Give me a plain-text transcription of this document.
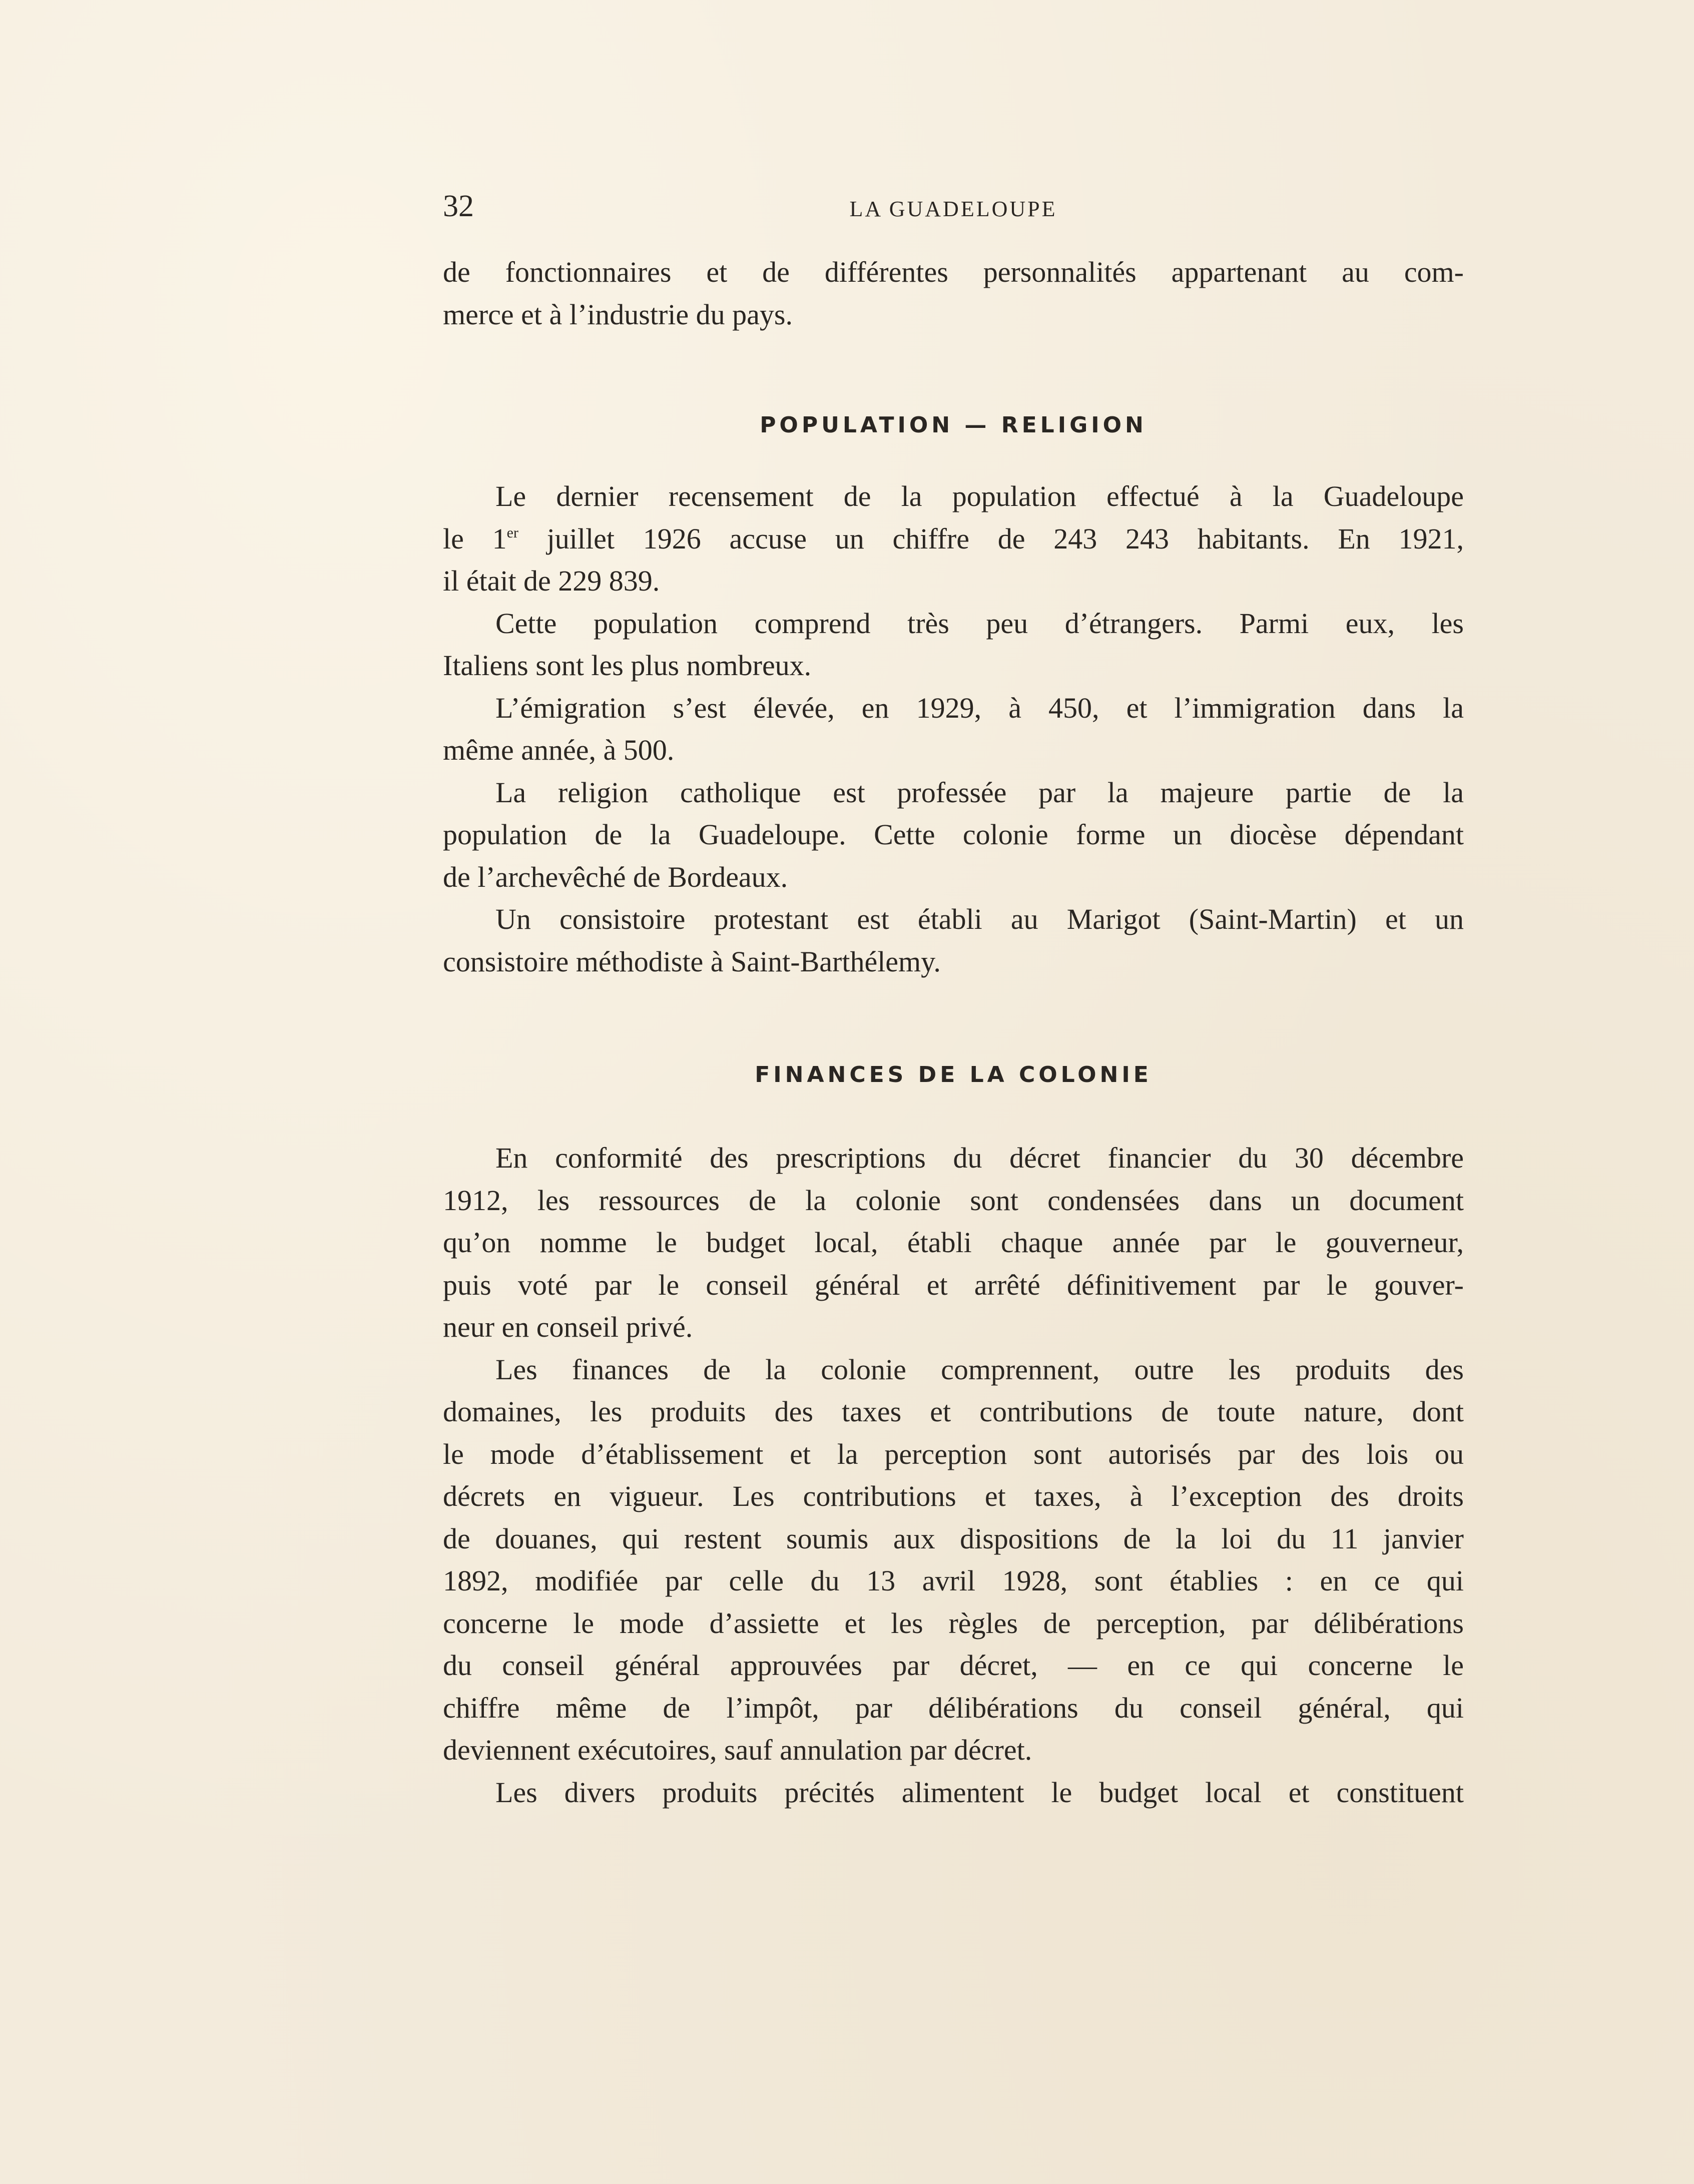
32	LA GUADELOUPE

de fonctionnaires et de différentes personnalités appartenant au com-

merce et à l’industrie du pays.

POPULATION — RELIGION

Le dernier recensement de la population effectué à la Guadeloupe

le 1er juillet 1926 accuse un chiffre de 243 243 habitants. En 1921,

il était de 229 839.

Cette population comprend très peu d’étrangers. Parmi eux, les

Italiens sont les plus nombreux.

L’émigration s’est élevée, en 1929, à 450, et l’immigration dans la

même année, à 500.

La religion catholique est professée par la majeure partie de la

population de la Guadeloupe. Cette colonie forme un diocèse dépendant

de l’archevêché de Bordeaux.

Un consistoire protestant est établi au Marigot (Saint-Martin) et un

consistoire méthodiste à Saint-Barthélemy.

FINANCES DE LA COLONIE

En conformité des prescriptions du décret financier du 30 décembre

1912, les ressources de la colonie sont condensées dans un document

qu’on nomme le budget local, établi chaque année par le gouverneur,

puis voté par le conseil général et arrêté définitivement par le gouver-

neur en conseil privé.

Les finances de la colonie comprennent, outre les produits des

domaines, les produits des taxes et contributions de toute nature, dont

le mode d’établissement et la perception sont autorisés par des lois ou

décrets en vigueur. Les contributions et taxes, à l’exception des droits

de douanes, qui restent soumis aux dispositions de la loi du 11 janvier

1892, modifiée par celle du 13 avril 1928, sont établies : en ce qui

concerne le mode d’assiette et les règles de perception, par délibérations

du conseil général approuvées par décret, — en ce qui concerne le

chiffre même de l’impôt, par délibérations du conseil général, qui

deviennent exécutoires, sauf annulation par décret.

Les divers produits précités alimentent le budget local et constituent
